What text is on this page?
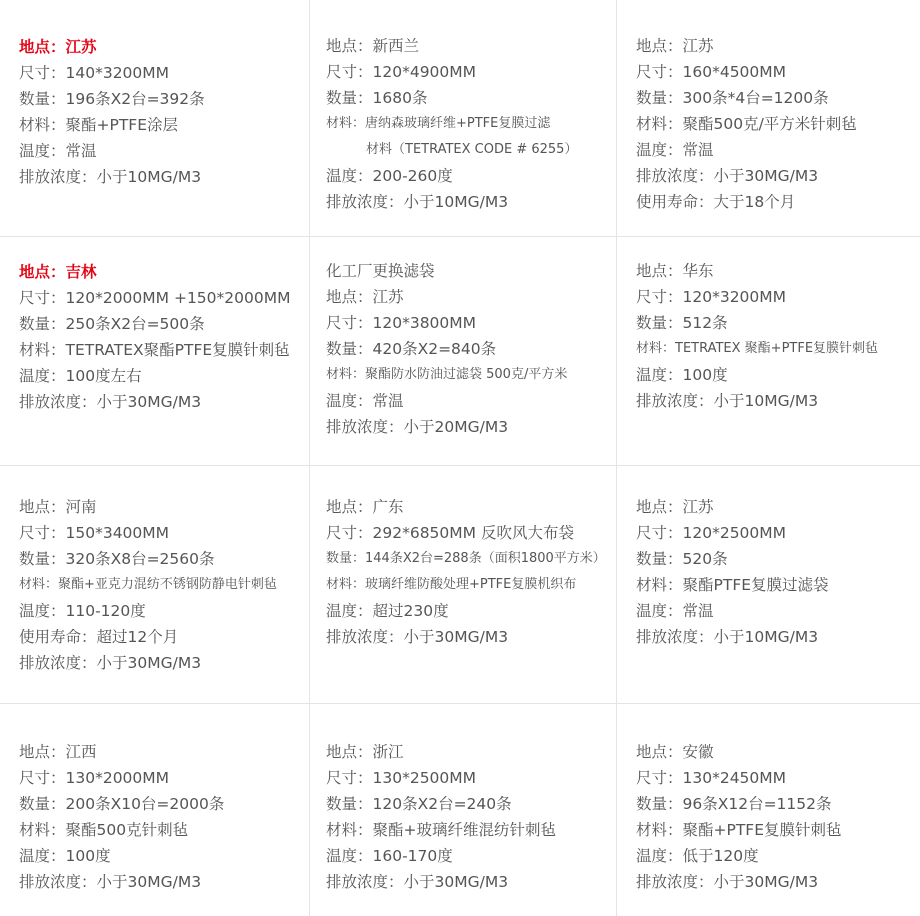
地点：江苏
尺寸：140*3200MM
数量：196条X2台=392条
材料：聚酯+PTFE涂层
温度：常温
排放浓度：小于10MG/M3
地点：新西兰
尺寸：120*4900MM
数量：1680条
材料：唐纳森玻璃纤维+PTFE复膜过滤
材料（TETRATEX CODE # 6255）
温度：200-260度
排放浓度：小于10MG/M3
地点：江苏
尺寸：160*4500MM
数量：300条*4台=1200条
材料：聚酯500克/平方米针刺毡
温度：常温
排放浓度：小于30MG/M3
使用寿命：大于18个月
地点：吉林
尺寸：120*2000MM +150*2000MM
数量：250条X2台=500条
材料：TETRATEX聚酯PTFE复膜针刺毡
温度：100度左右
排放浓度：小于30MG/M3
化工厂更换滤袋
地点：江苏
尺寸：120*3800MM
数量：420条X2=840条
材料：聚酯防水防油过滤袋 500克/平方米
温度：常温
排放浓度：小于20MG/M3
地点：华东
尺寸：120*3200MM
数量：512条
材料：TETRATEX 聚酯+PTFE复膜针刺毡
温度：100度
排放浓度：小于10MG/M3
地点：河南
尺寸：150*3400MM
数量：320条X8台=2560条
材料：聚酯+亚克力混纺不锈钢防静电针刺毡
温度：110-120度
使用寿命：超过12个月
排放浓度：小于30MG/M3
地点：广东
尺寸：292*6850MM 反吹风大布袋
数量：144条X2台=288条（面积1800平方米）
材料：玻璃纤维防酸处理+PTFE复膜机织布
温度：超过230度
排放浓度：小于30MG/M3
地点：江苏
尺寸：120*2500MM
数量：520条
材料：聚酯PTFE复膜过滤袋
温度：常温
排放浓度：小于10MG/M3
地点：江西
尺寸：130*2000MM
数量：200条X10台=2000条
材料：聚酯500克针刺毡
温度：100度
排放浓度：小于30MG/M3
地点：浙江
尺寸：130*2500MM
数量：120条X2台=240条
材料：聚酯+玻璃纤维混纺针刺毡
温度：160-170度
排放浓度：小于30MG/M3
地点：安徽
尺寸：130*2450MM
数量：96条X12台=1152条
材料：聚酯+PTFE复膜针刺毡
温度：低于120度
排放浓度：小于30MG/M3
